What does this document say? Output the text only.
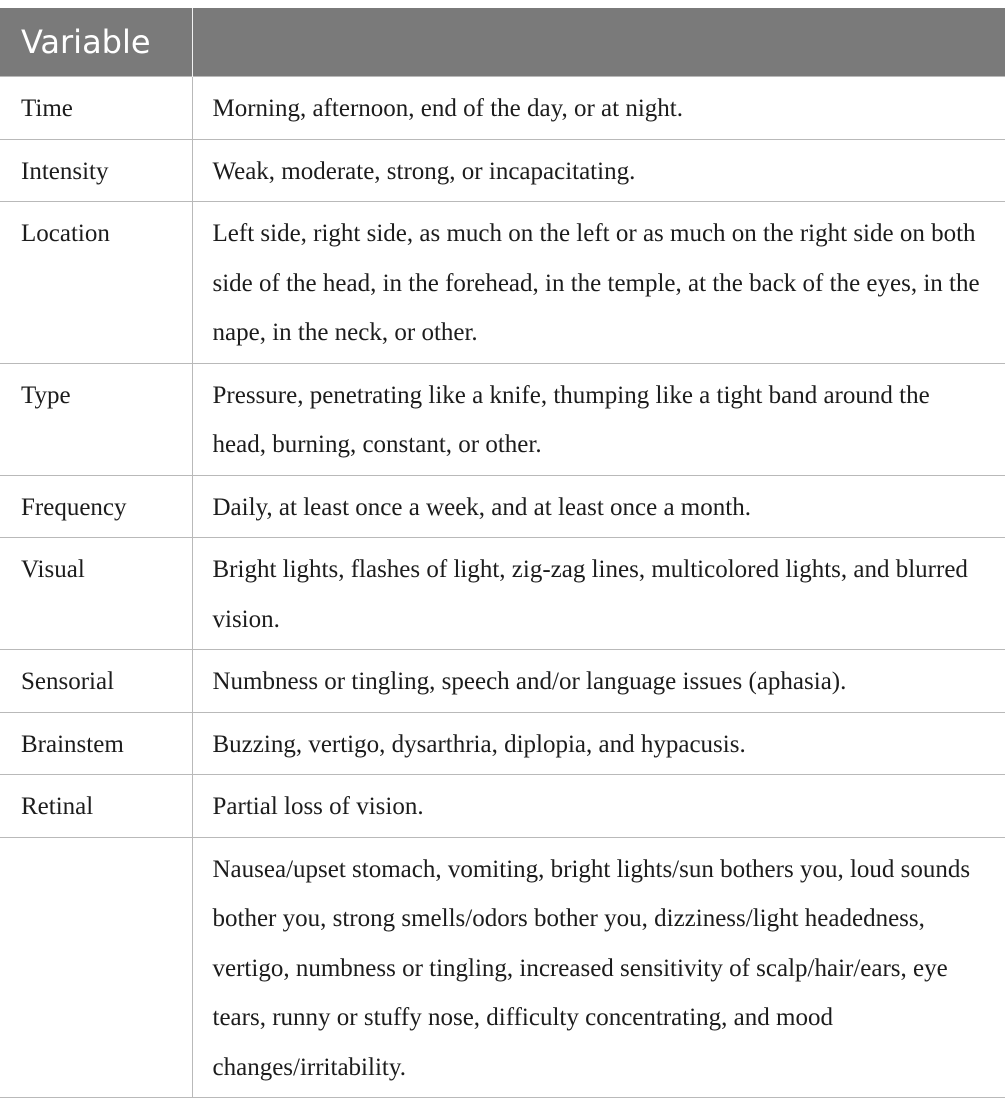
Variable	
Time	Morning, afternoon, end of the day, or at night.
Intensity	Weak, moderate, strong, or incapacitating.
Location	Left side, right side, as much on the left or as much on the right side on both side of the head, in the forehead, in the temple, at the back of the eyes, in the nape, in the neck, or other.
Type	Pressure, penetrating like a knife, thumping like a tight band around the head, burning, constant, or other.
Frequency	Daily, at least once a week, and at least once a month.
Visual	Bright lights, flashes of light, zig-zag lines, multicolored lights, and blurred vision.
Sensorial	Numbness or tingling, speech and/or language issues (aphasia).
Brainstem	Buzzing, vertigo, dysarthria, diplopia, and hypacusis.
Retinal	Partial loss of vision.
	Nausea/upset stomach, vomiting, bright lights/sun bothers you, loud sounds bother you, strong smells/odors bother you, dizziness/light headedness, vertigo, numbness or tingling, increased sensitivity of scalp/hair/ears, eye tears, runny or stuffy nose, difficulty concentrating, and mood changes/irritability.
